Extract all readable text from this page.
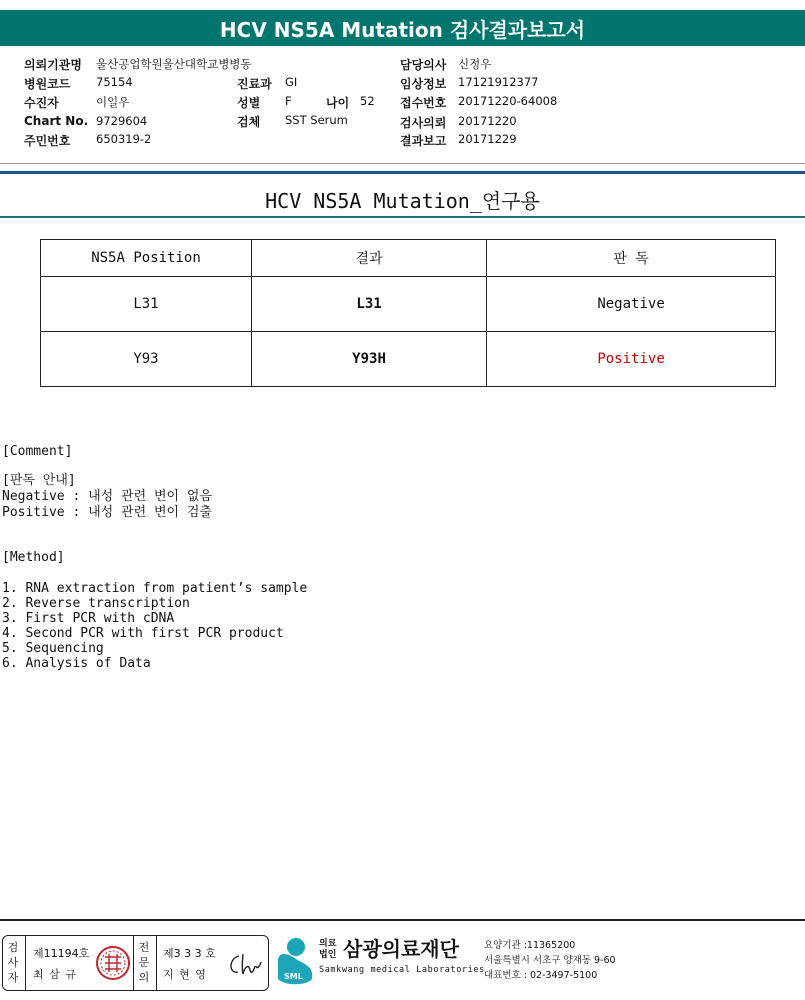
HCV NS5A Mutation 검사결과보고서
의뢰기관명 울산공업학원울산대학교병병동
병원코드 75154
수진자	이일우
Chart No. 9729604
주민번호 650319-2
진료과 GI
성별 F	나이 52
검체 SST Serum
담당의사 신정우
임상정보 17121912377
접수번호 20171220-64008
검사의뢰 20171220
결과보고 20171229
HCV NS5A Mutation_연구용
NS5A Position	결과	판 독
L31	L31	Negative
Y93	Y93H	Positive
[Comment]
[판독 안내]
Negative : 내성 관련 변이 없음
Positive : 내성 관련 변이 검출
[Method]
1. RNA extraction from patient’s sample
2. Reverse transcription
3. First PCR with cDNA
4. Second PCR with first PCR product
5. Sequencing
6. Analysis of Data
검
사
자
제11194호
최 삼 규
전
문
의
제3 3 3 호
지 현 영	SML
의료
법인 삼광의료재단
Samkwang medical Laboratories
요양기관 :11365200
서울특별시 서초구 양재동 9-60
대표번호 : 02-3497-5100
